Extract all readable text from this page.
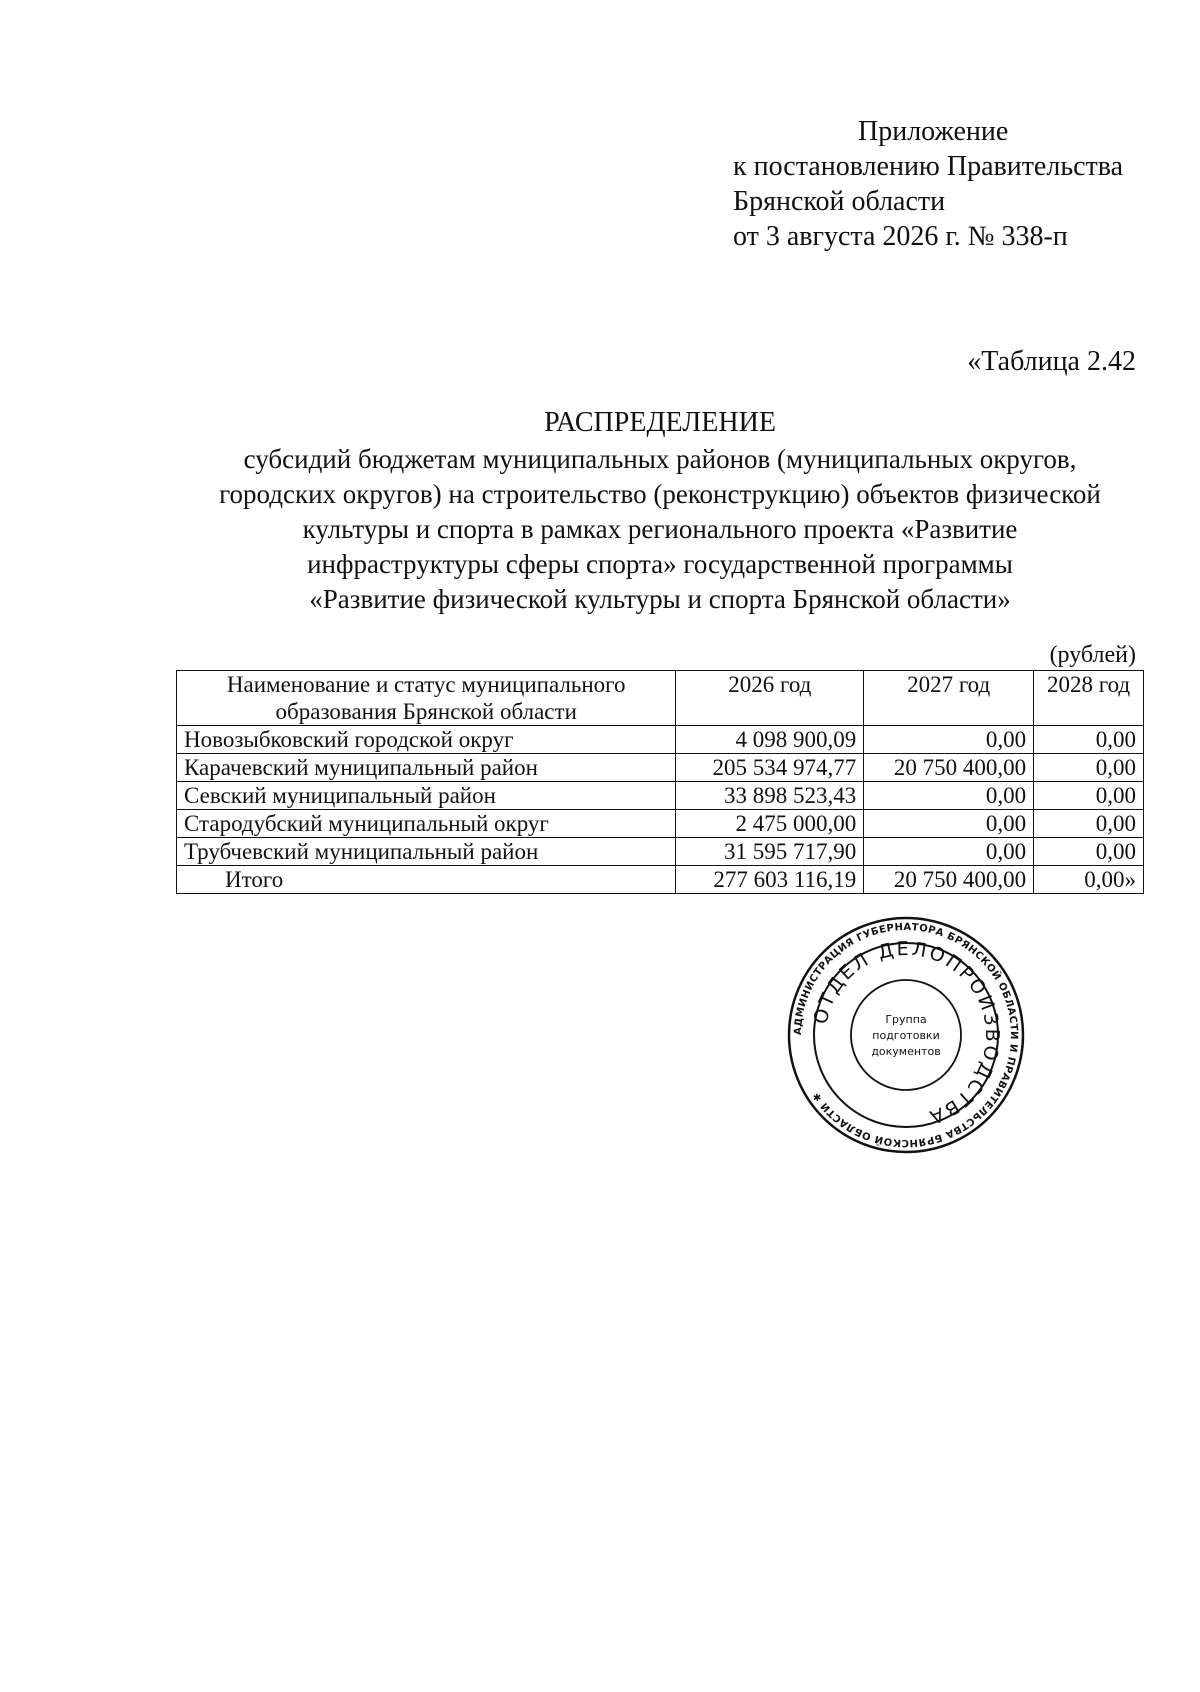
Приложение
к постановлению Правительства
Брянской области
от 3 августа 2026 г. № 338-п
«Таблица 2.42
РАСПРЕДЕЛЕНИЕ
субсидий бюджетам муниципальных районов (муниципальных округов,
городских округов) на строительство (реконструкцию) объектов физической
культуры и спорта в рамках регионального проекта «Развитие
инфраструктуры сферы спорта» государственной программы
«Развитие физической культуры и спорта Брянской области»
(рублей)
Наименование и статус муниципального
образования Брянской области	2026 год	2027 год	2028 год
Новозыбковский городской округ	4 098 900,09	0,00	0,00
Карачевский муниципальный район	205 534 974,77	20 750 400,00	0,00
Севский муниципальный район	33 898 523,43	0,00	0,00
Стародубский муниципальный округ	2 475 000,00	0,00	0,00
Трубчевский муниципальный район	31 595 717,90	0,00	0,00
Итого	277 603 116,19	20 750 400,00	0,00»
АДМИНИСТРАЦИЯ ГУБЕРНАТОРА БРЯНСКОЙ ОБЛАСТИ И ПРАВИТЕЛЬСТВА БРЯНСКОЙ ОБЛАСТИ ✱
ОТДЕЛ ДЕЛОПРОИЗВОДСТВА
Группа
подготовки
документов
